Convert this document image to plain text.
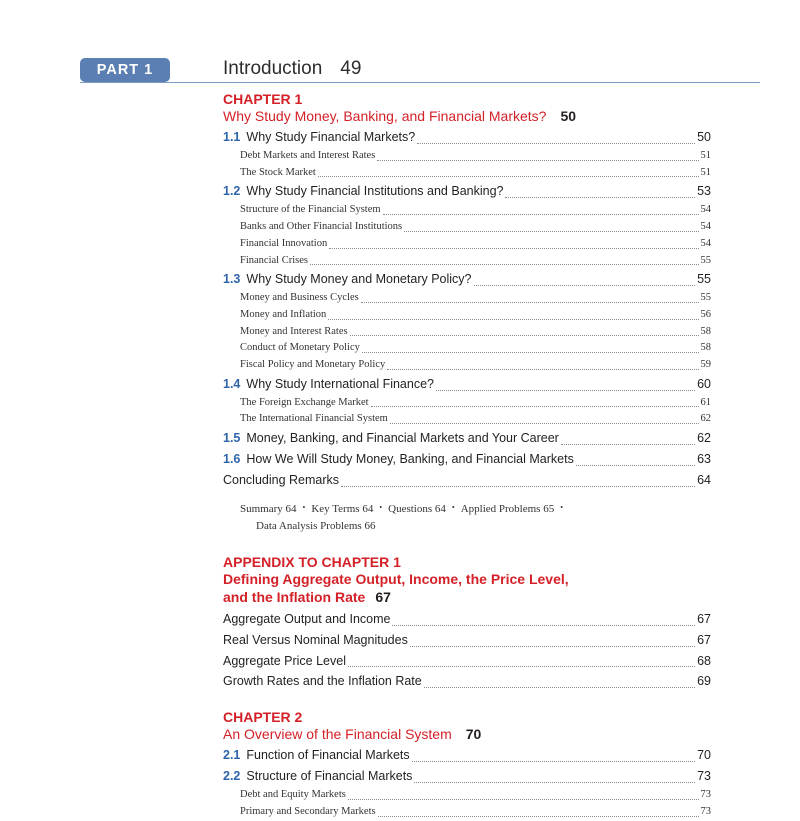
PART 1	Introduction 49
CHAPTER 1
Why Study Money, Banking, and Financial Markets? 50
1.1 Why Study Financial Markets?	50
Debt Markets and Interest Rates	51
The Stock Market	51
1.2 Why Study Financial Institutions and Banking?	53
Structure of the Financial System	54
Banks and Other Financial Institutions	54
Financial Innovation	54
Financial Crises	55
1.3 Why Study Money and Monetary Policy?	55
Money and Business Cycles	55
Money and Inflation	56
Money and Interest Rates	58
Conduct of Monetary Policy	58
Fiscal Policy and Monetary Policy	59
1.4 Why Study International Finance?	60
The Foreign Exchange Market	61
The International Financial System	62
1.5 Money, Banking, and Financial Markets and Your Career	62
1.6 How We Will Study Money, Banking, and Financial Markets	63
Concluding Remarks	64
Summary 64 • Key Terms 64 • Questions 64 • Applied Problems 65 •
Data Analysis Problems 66
APPENDIX TO CHAPTER 1
Defining Aggregate Output, Income, the Price Level,
and the Inflation Rate 67
Aggregate Output and Income	67
Real Versus Nominal Magnitudes	67
Aggregate Price Level	68
Growth Rates and the Inflation Rate	69
CHAPTER 2
An Overview of the Financial System 70
2.1 Function of Financial Markets	70
2.2 Structure of Financial Markets	73
Debt and Equity Markets	73
Primary and Secondary Markets	73
